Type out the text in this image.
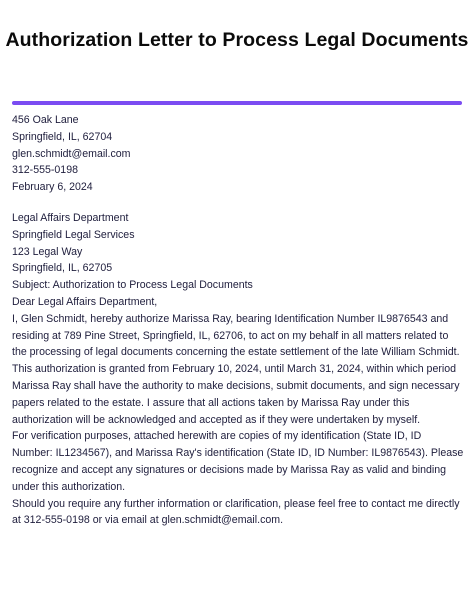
Authorization Letter to Process Legal Documents
456 Oak Lane
Springfield, IL, 62704
glen.schmidt@email.com
312-555-0198
February 6, 2024
Legal Affairs Department
Springfield Legal Services
123 Legal Way
Springfield, IL, 62705

Subject: Authorization to Process Legal Documents

Dear Legal Affairs Department,

I, Glen Schmidt, hereby authorize Marissa Ray, bearing Identification Number IL9876543 and residing at 789 Pine Street, Springfield, IL, 62706, to act on my behalf in all matters related to the processing of legal documents concerning the estate settlement of the late William Schmidt.

This authorization is granted from February 10, 2024, until March 31, 2024, within which period Marissa Ray shall have the authority to make decisions, submit documents, and sign necessary papers related to the estate. I assure that all actions taken by Marissa Ray under this authorization will be acknowledged and accepted as if they were undertaken by myself.

For verification purposes, attached herewith are copies of my identification (State ID, ID Number: IL1234567), and Marissa Ray's identification (State ID, ID Number: IL9876543). Please recognize and accept any signatures or decisions made by Marissa Ray as valid and binding under this authorization.

Should you require any further information or clarification, please feel free to contact me directly at 312-555-0198 or via email at glen.schmidt@email.com.
